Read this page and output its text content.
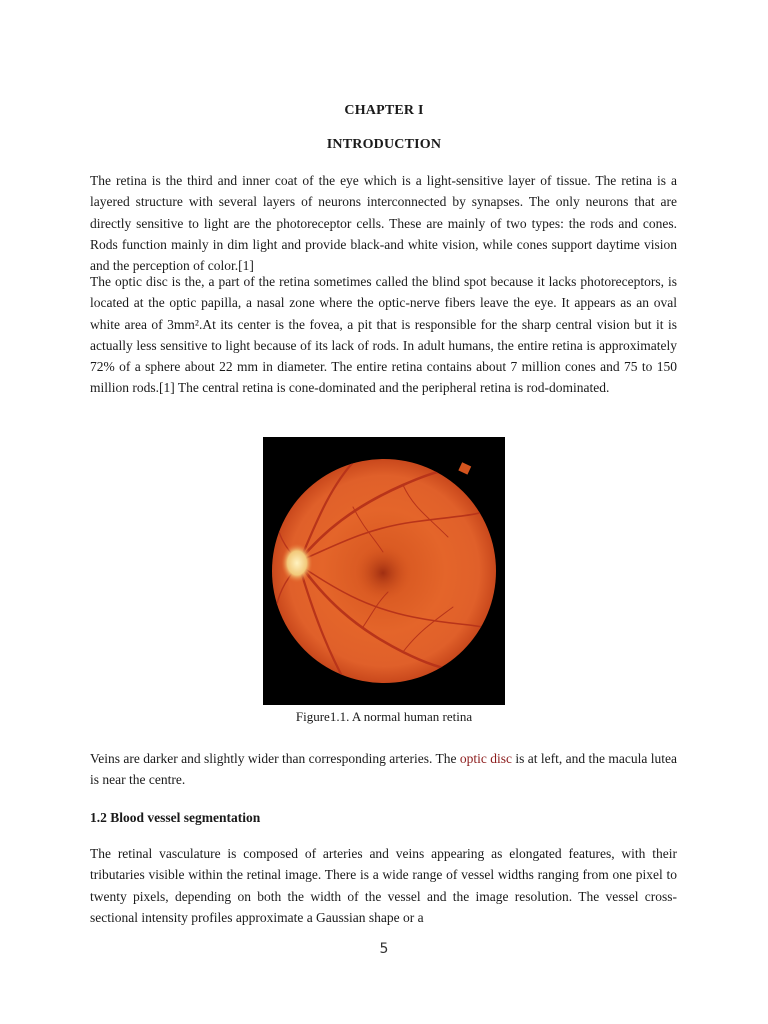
CHAPTER I
INTRODUCTION

The retina is the third and inner coat of the eye which is a light-sensitive layer of tissue. The retina is a layered structure with several layers of neurons interconnected by synapses. The only neurons that are directly sensitive to light are the photoreceptor cells. These are mainly of two types: the rods and cones. Rods function mainly in dim light and provide black-and white vision, while cones support daytime vision and the perception of color.[1]

The optic disc is the, a part of the retina sometimes called the blind spot because it lacks photoreceptors, is located at the optic papilla, a nasal zone where the optic-nerve fibers leave the eye. It appears as an oval white area of 3mm².At its center is the fovea, a pit that is responsible for the sharp central vision but it is actually less sensitive to light because of its lack of rods. In adult humans, the entire retina is approximately 72% of a sphere about 22 mm in diameter. The entire retina contains about 7 million cones and 75 to 150 million rods.[1] The central retina is cone-dominated and the peripheral retina is rod-dominated.

Figure1.1. A normal human retina

Veins are darker and slightly wider than corresponding arteries. The optic disc is at left, and the macula lutea is near the centre.

1.2 Blood vessel segmentation

The retinal vasculature is composed of arteries and veins appearing as elongated features, with their tributaries visible within the retinal image. There is a wide range of vessel widths ranging from one pixel to twenty pixels, depending on both the width of the vessel and the image resolution. The vessel cross-sectional intensity profiles approximate a Gaussian shape or a

5
